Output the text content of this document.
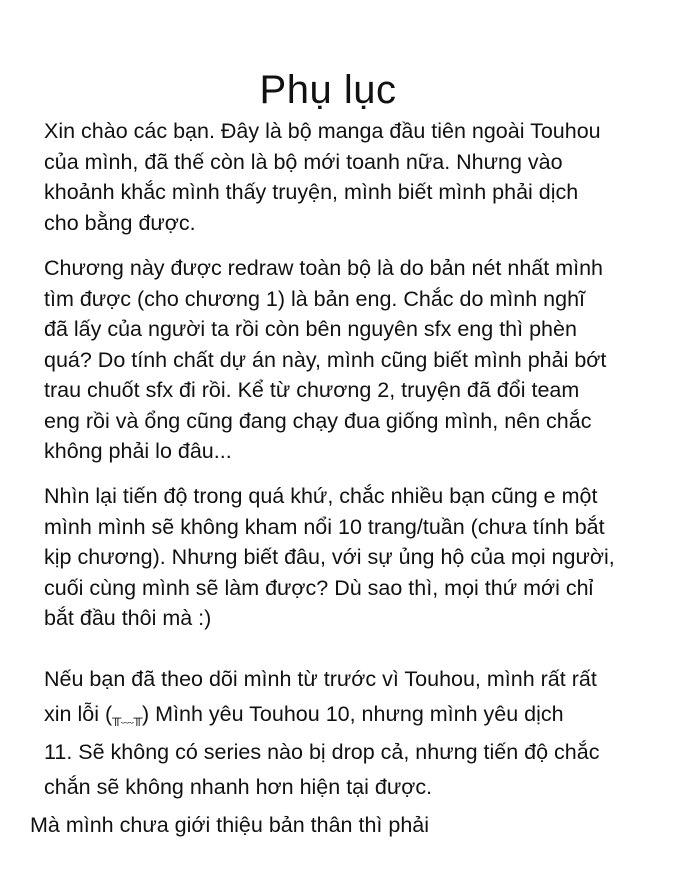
Phụ lục

Xin chào các bạn. Đây là bộ manga đầu tiên ngoài Touhou
của mình, đã thế còn là bộ mới toanh nữa. Nhưng vào
khoảnh khắc mình thấy truyện, mình biết mình phải dịch
cho bằng được.

Chương này được redraw toàn bộ là do bản nét nhất mình
tìm được (cho chương 1) là bản eng. Chắc do mình nghĩ
đã lấy của người ta rồi còn bên nguyên sfx eng thì phèn
quá? Do tính chất dự án này, mình cũng biết mình phải bớt
trau chuốt sfx đi rồi. Kể từ chương 2, truyện đã đổi team
eng rồi và ổng cũng đang chạy đua giống mình, nên chắc
không phải lo đâu...

Nhìn lại tiến độ trong quá khứ, chắc nhiều bạn cũng e một
mình mình sẽ không kham nổi 10 trang/tuần (chưa tính bắt
kịp chương). Nhưng biết đâu, với sự ủng hộ của mọi người,
cuối cùng mình sẽ làm được? Dù sao thì, mọi thứ mới chỉ
bắt đầu thôi mà :)

Nếu bạn đã theo dõi mình từ trước vì Touhou, mình rất rất
xin lỗi (╥﹏╥) Mình yêu Touhou 10, nhưng mình yêu dịch
11. Sẽ không có series nào bị drop cả, nhưng tiến độ chắc
chắn sẽ không nhanh hơn hiện tại được.

Mà mình chưa giới thiệu bản thân thì phải
